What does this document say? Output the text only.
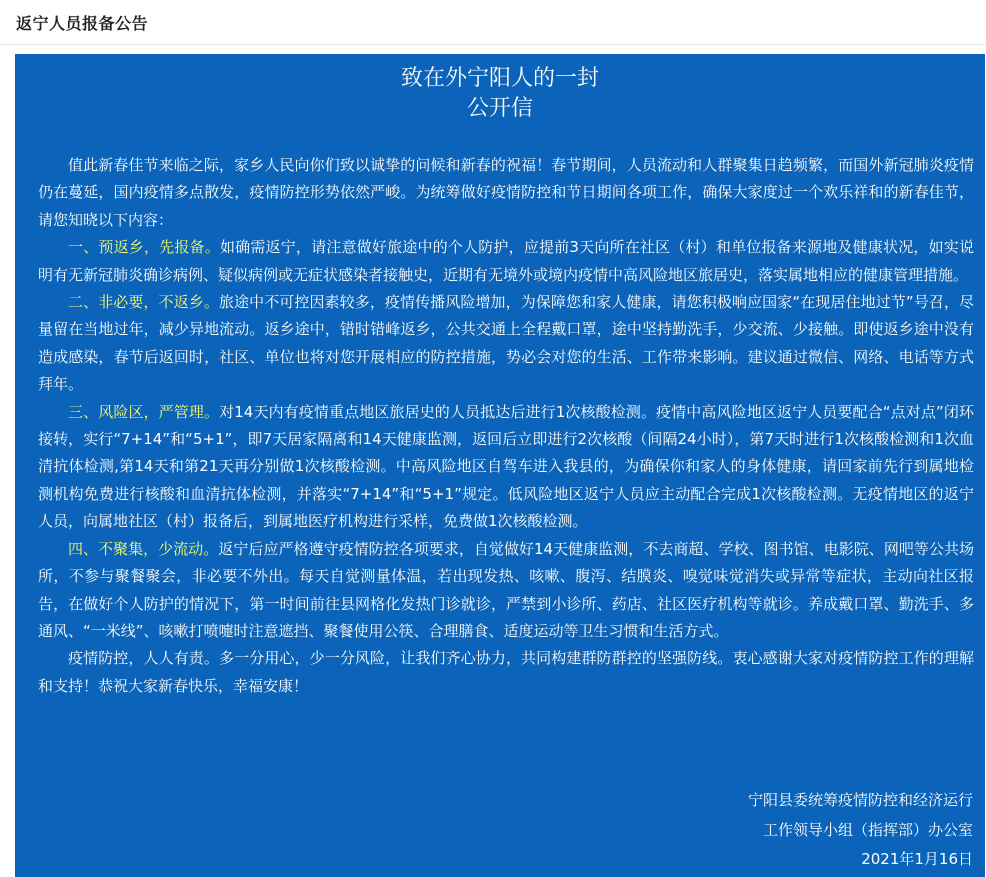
返宁人员报备公告
致在外宁阳人的一封
公开信

值此新春佳节来临之际，家乡人民向你们致以诚挚的问候和新春的祝福！春节期间，人员流动和人群聚集日趋频繁，而国外新冠肺炎疫情仍在蔓延，国内疫情多点散发，疫情防控形势依然严峻。为统筹做好疫情防控和节日期间各项工作，确保大家度过一个欢乐祥和的新春佳节，请您知晓以下内容：

一、预返乡，先报备。如确需返宁，请注意做好旅途中的个人防护，应提前3天向所在社区（村）和单位报备来源地及健康状况，如实说明有无新冠肺炎确诊病例、疑似病例或无症状感染者接触史，近期有无境外或境内疫情中高风险地区旅居史，落实属地相应的健康管理措施。

二、非必要，不返乡。旅途中不可控因素较多，疫情传播风险增加，为保障您和家人健康，请您积极响应国家“在现居住地过节”号召，尽量留在当地过年，减少异地流动。返乡途中，错时错峰返乡，公共交通上全程戴口罩，途中坚持勤洗手，少交流、少接触。即使返乡途中没有造成感染，春节后返回时，社区、单位也将对您开展相应的防控措施，势必会对您的生活、工作带来影响。建议通过微信、网络、电话等方式拜年。

三、风险区，严管理。对14天内有疫情重点地区旅居史的人员抵达后进行1次核酸检测。疫情中高风险地区返宁人员要配合“点对点”闭环接转，实行“7+14”和“5+1”，即7天居家隔离和14天健康监测，返回后立即进行2次核酸（间隔24小时），第7天时进行1次核酸检测和1次血清抗体检测,第14天和第21天再分别做1次核酸检测。中高风险地区自驾车进入我县的，为确保你和家人的身体健康，请回家前先行到属地检测机构免费进行核酸和血清抗体检测，并落实“7+14”和“5+1”规定。低风险地区返宁人员应主动配合完成1次核酸检测。无疫情地区的返宁人员，向属地社区（村）报备后，到属地医疗机构进行采样，免费做1次核酸检测。

四、不聚集，少流动。返宁后应严格遵守疫情防控各项要求，自觉做好14天健康监测，不去商超、学校、图书馆、电影院、网吧等公共场所，不参与聚餐聚会，非必要不外出。每天自觉测量体温，若出现发热、咳嗽、腹泻、结膜炎、嗅觉味觉消失或异常等症状，主动向社区报告，在做好个人防护的情况下，第一时间前往县网格化发热门诊就诊，严禁到小诊所、药店、社区医疗机构等就诊。养成戴口罩、勤洗手、多通风、“一米线”、咳嗽打喷嚏时注意遮挡、聚餐使用公筷、合理膳食、适度运动等卫生习惯和生活方式。

疫情防控，人人有责。多一分用心，少一分风险，让我们齐心协力，共同构建群防群控的坚强防线。衷心感谢大家对疫情防控工作的理解和支持！恭祝大家新春快乐，幸福安康！

宁阳县委统筹疫情防控和经济运行
工作领导小组（指挥部）办公室
2021年1月16日
